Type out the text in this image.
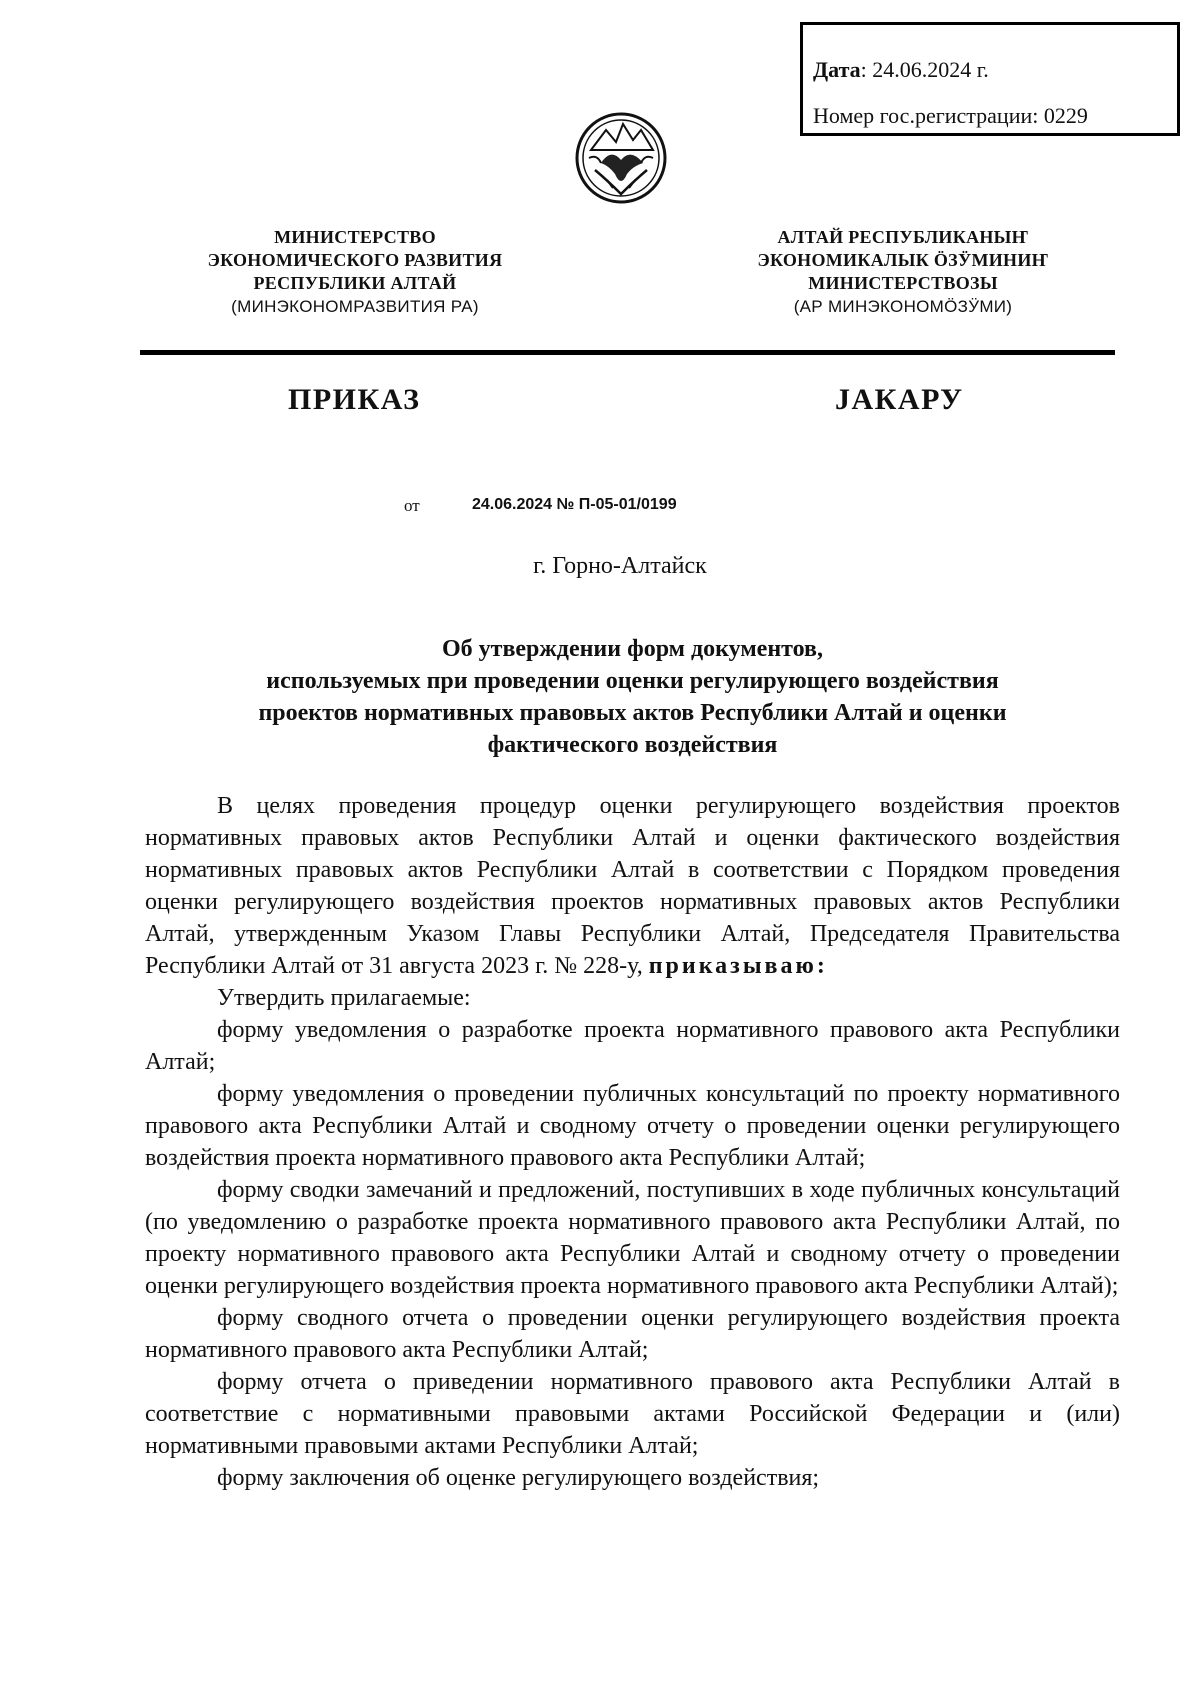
Дата: 24.06.2024 г.
Номер гос.регистрации: 0229
МИНИСТЕРСТВО
ЭКОНОМИЧЕСКОГО РАЗВИТИЯ
РЕСПУБЛИКИ АЛТАЙ
(МИНЭКОНОМРАЗВИТИЯ РА)
АЛТАЙ РЕСПУБЛИКАНЫҤ
ЭКОНОМИКАЛЫК ӦЗӰМИНИҤ
МИНИСТЕРСТВОЗЫ
(АР МИНЭКОНОМӦЗӰМИ)
ПРИКАЗ	JАКАРУ
от	24.06.2024 № П-05-01/0199
г. Горно-Алтайск
Об утверждении форм документов,
используемых при проведении оценки регулирующего воздействия
проектов нормативных правовых актов Республики Алтай и оценки
фактического воздействия

В целях проведения процедур оценки регулирующего воздействия проектов нормативных правовых актов Республики Алтай и оценки фактического воздействия нормативных правовых актов Республики Алтай в соответствии с Порядком проведения оценки регулирующего воздействия проектов нормативных правовых актов Республики Алтай, утвержденным Указом Главы Республики Алтай, Председателя Правительства Республики Алтай от 31 августа 2023 г. № 228-у, приказываю:

Утвердить прилагаемые:

форму уведомления о разработке проекта нормативного правового акта Республики Алтай;

форму уведомления о проведении публичных консультаций по проекту нормативного правового акта Республики Алтай и сводному отчету о проведении оценки регулирующего воздействия проекта нормативного правового акта Республики Алтай;

форму сводки замечаний и предложений, поступивших в ходе публичных консультаций (по уведомлению о разработке проекта нормативного правового акта Республики Алтай, по проекту нормативного правового акта Республики Алтай и сводному отчету о проведении оценки регулирующего воздействия проекта нормативного правового акта Республики Алтай);

форму сводного отчета о проведении оценки регулирующего воздействия проекта нормативного правового акта Республики Алтай;

форму отчета о приведении нормативного правового акта Республики Алтай в соответствие с нормативными правовыми актами Российской Федерации и (или) нормативными правовыми актами Республики Алтай;

форму заключения об оценке регулирующего воздействия;
